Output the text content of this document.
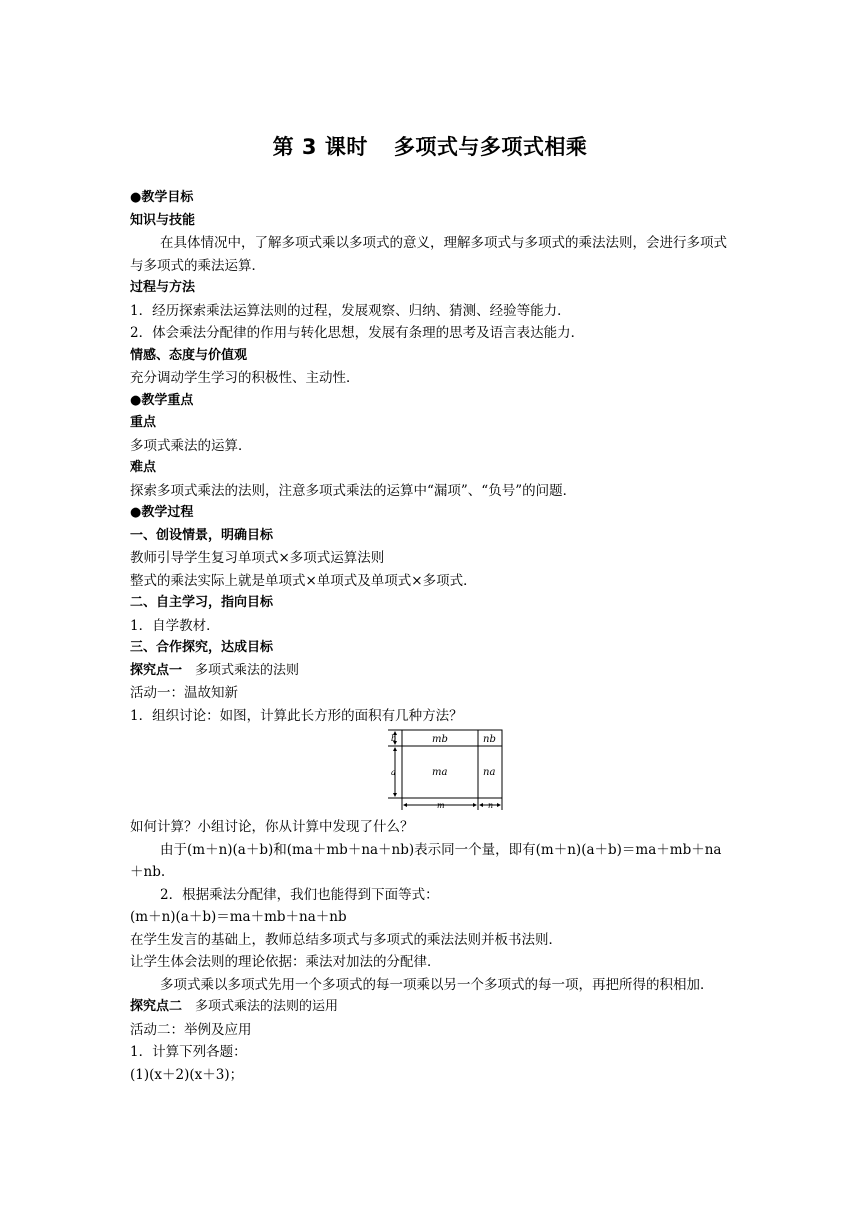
第 3 课时 多项式与多项式相乘

●教学目标

知识与技能

在具体情况中，了解多项式乘以多项式的意义，理解多项式与多项式的乘法法则，会进行多项式与多项式的乘法运算．

过程与方法

1．经历探索乘法运算法则的过程，发展观察、归纳、猜测、经验等能力．

2．体会乘法分配律的作用与转化思想，发展有条理的思考及语言表达能力．

情感、态度与价值观

充分调动学生学习的积极性、主动性．

●教学重点

重点

多项式乘法的运算．

难点

探索多项式乘法的法则，注意多项式乘法的运算中“漏项”、“负号”的问题．

●教学过程

一、创设情景，明确目标

教师引导学生复习单项式×多项式运算法则

整式的乘法实际上就是单项式×单项式及单项式×多项式．

二、自主学习，指向目标

1．自学教材．

三、合作探究，达成目标

探究点一　 多项式乘法的法则

活动一：温故知新

1．组织讨论：如图，计算此长方形的面积有几种方法？

mb	nb
ma	na
b
a
m	n

如何计算？小组讨论，你从计算中发现了什么？

由于(m＋n)(a＋b)和(ma＋mb＋na＋nb)表示同一个量，即有(m＋n)(a＋b)＝ma＋mb＋na＋nb.

2．根据乘法分配律，我们也能得到下面等式：

(m＋n)(a＋b)＝ma＋mb＋na＋nb

在学生发言的基础上，教师总结多项式与多项式的乘法法则并板书法则．

让学生体会法则的理论依据：乘法对加法的分配律．

多项式乘以多项式先用一个多项式的每一项乘以另一个多项式的每一项，再把所得的积相加．

探究点二　 多项式乘法的法则的运用

活动二：举例及应用

1．计算下列各题：

(1)(x＋2)(x＋3)；
